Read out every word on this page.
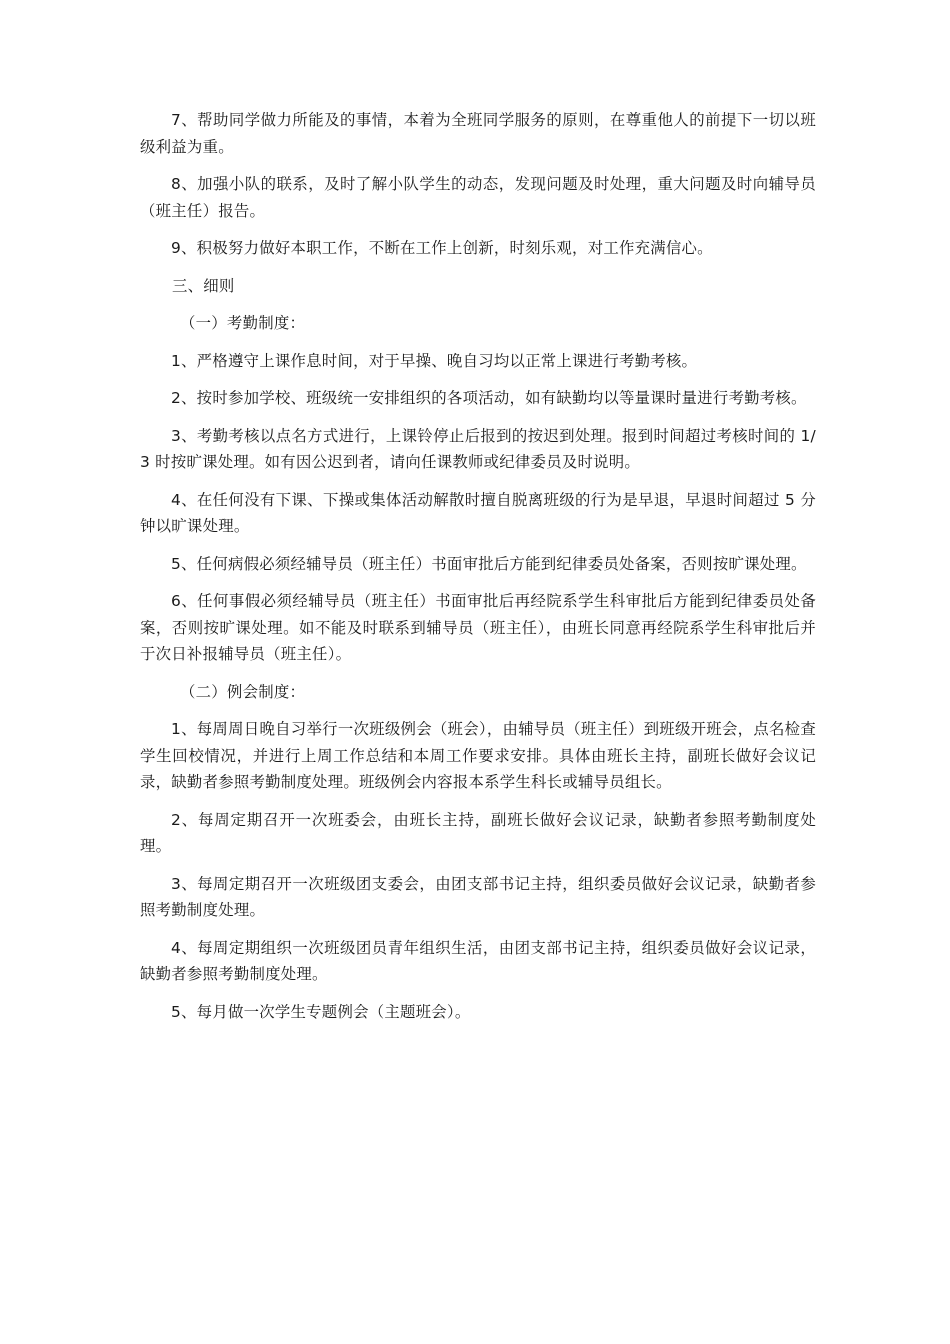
7、帮助同学做力所能及的事情，本着为全班同学服务的原则，在尊重他人的前提下一切以班级利益为重。

8、加强小队的联系，及时了解小队学生的动态，发现问题及时处理，重大问题及时向辅导员（班主任）报告。

9、积极努力做好本职工作，不断在工作上创新，时刻乐观，对工作充满信心。

三、细则

（一）考勤制度：

1、严格遵守上课作息时间，对于早操、晚自习均以正常上课进行考勤考核。

2、按时参加学校、班级统一安排组织的各项活动，如有缺勤均以等量课时量进行考勤考核。

3、考勤考核以点名方式进行，上课铃停止后报到的按迟到处理。报到时间超过考核时间的 1/3 时按旷课处理。如有因公迟到者，请向任课教师或纪律委员及时说明。

4、在任何没有下课、下操或集体活动解散时擅自脱离班级的行为是早退，早退时间超过 5 分钟以旷课处理。

5、任何病假必须经辅导员（班主任）书面审批后方能到纪律委员处备案，否则按旷课处理。

6、任何事假必须经辅导员（班主任）书面审批后再经院系学生科审批后方能到纪律委员处备案，否则按旷课处理。如不能及时联系到辅导员（班主任），由班长同意再经院系学生科审批后并于次日补报辅导员（班主任）。

（二）例会制度：

1、每周周日晚自习举行一次班级例会（班会），由辅导员（班主任）到班级开班会，点名检查学生回校情况，并进行上周工作总结和本周工作要求安排。具体由班长主持，副班长做好会议记录，缺勤者参照考勤制度处理。班级例会内容报本系学生科长或辅导员组长。

2、每周定期召开一次班委会，由班长主持，副班长做好会议记录，缺勤者参照考勤制度处理。

3、每周定期召开一次班级团支委会，由团支部书记主持，组织委员做好会议记录，缺勤者参照考勤制度处理。

4、每周定期组织一次班级团员青年组织生活，由团支部书记主持，组织委员做好会议记录，缺勤者参照考勤制度处理。

5、每月做一次学生专题例会（主题班会）。
